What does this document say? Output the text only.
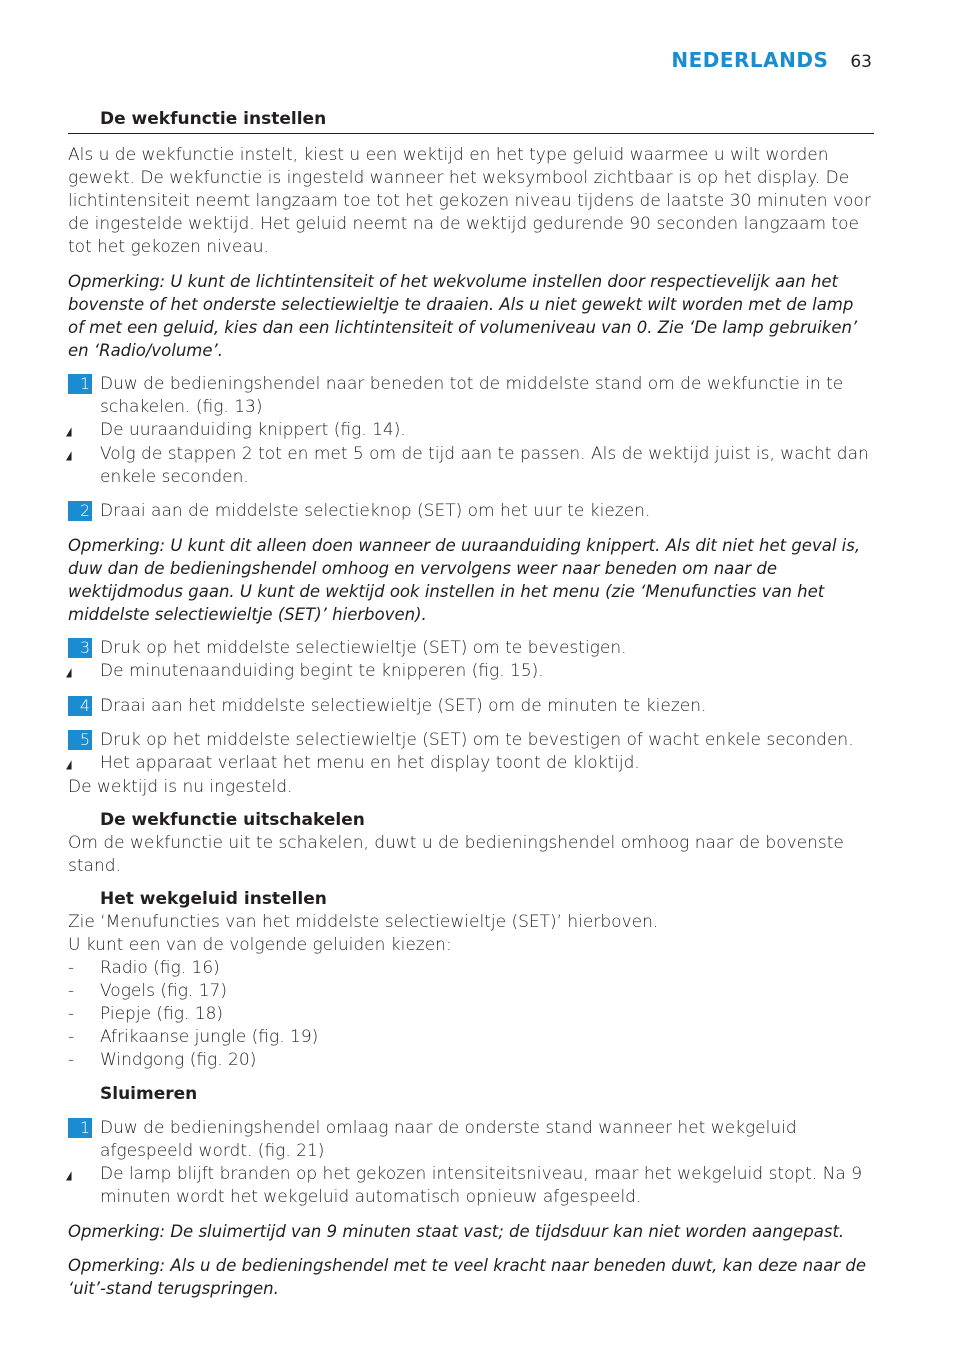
NEDERLANDS 63
De wekfunctie instellen

Als u de wekfunctie instelt, kiest u een wektijd en het type geluid waarmee u wilt worden gewekt. De wekfunctie is ingesteld wanneer het weksymbool zichtbaar is op het display. De lichtintensiteit neemt langzaam toe tot het gekozen niveau tijdens de laatste 30 minuten voor de ingestelde wektijd. Het geluid neemt na de wektijd gedurende 90 seconden langzaam toe tot het gekozen niveau.

Opmerking: U kunt de lichtintensiteit of het wekvolume instellen door respectievelijk aan het bovenste of het onderste selectiewieltje te draaien. Als u niet gewekt wilt worden met de lamp of met een geluid, kies dan een lichtintensiteit of volumeniveau van 0. Zie ‘De lamp gebruiken’ en ‘Radio/volume’.

1 Duw de bedieningshendel naar beneden tot de middelste stand om de wekfunctie in te schakelen. (fig. 13)
◢	De uuraanduiding knippert (fig. 14).
◢	Volg de stappen 2 tot en met 5 om de tijd aan te passen. Als de wektijd juist is, wacht dan enkele seconden.
2 Draai aan de middelste selectieknop (SET) om het uur te kiezen.

Opmerking: U kunt dit alleen doen wanneer de uuraanduiding knippert. Als dit niet het geval is, duw dan de bedieningshendel omhoog en vervolgens weer naar beneden om naar de wektijdmodus gaan. U kunt de wektijd ook instellen in het menu (zie ‘Menufuncties van het middelste selectiewieltje (SET)’ hierboven).

3 Druk op het middelste selectiewieltje (SET) om te bevestigen.
◢	De minutenaanduiding begint te knipperen (fig. 15).
4 Draai aan het middelste selectiewieltje (SET) om de minuten te kiezen.
5 Druk op het middelste selectiewieltje (SET) om te bevestigen of wacht enkele seconden.
◢	Het apparaat verlaat het menu en het display toont de kloktijd.

De wektijd is nu ingesteld.

De wekfunctie uitschakelen

Om de wekfunctie uit te schakelen, duwt u de bedieningshendel omhoog naar de bovenste stand.

Het wekgeluid instellen

Zie ‘Menufuncties van het middelste selectiewieltje (SET)’ hierboven.

U kunt een van de volgende geluiden kiezen:

-	Radio (fig. 16)
-	Vogels (fig. 17)
-	Piepje (fig. 18)
-	Afrikaanse jungle (fig. 19)
-	Windgong (fig. 20)
Sluimeren
1 Duw de bedieningshendel omlaag naar de onderste stand wanneer het wekgeluid afgespeeld wordt. (fig. 21)
◢	De lamp blijft branden op het gekozen intensiteitsniveau, maar het wekgeluid stopt. Na 9 minuten wordt het wekgeluid automatisch opnieuw afgespeeld.

Opmerking: De sluimertijd van 9 minuten staat vast; de tijdsduur kan niet worden aangepast.

Opmerking: Als u de bedieningshendel met te veel kracht naar beneden duwt, kan deze naar de ‘uit’-stand terugspringen.
